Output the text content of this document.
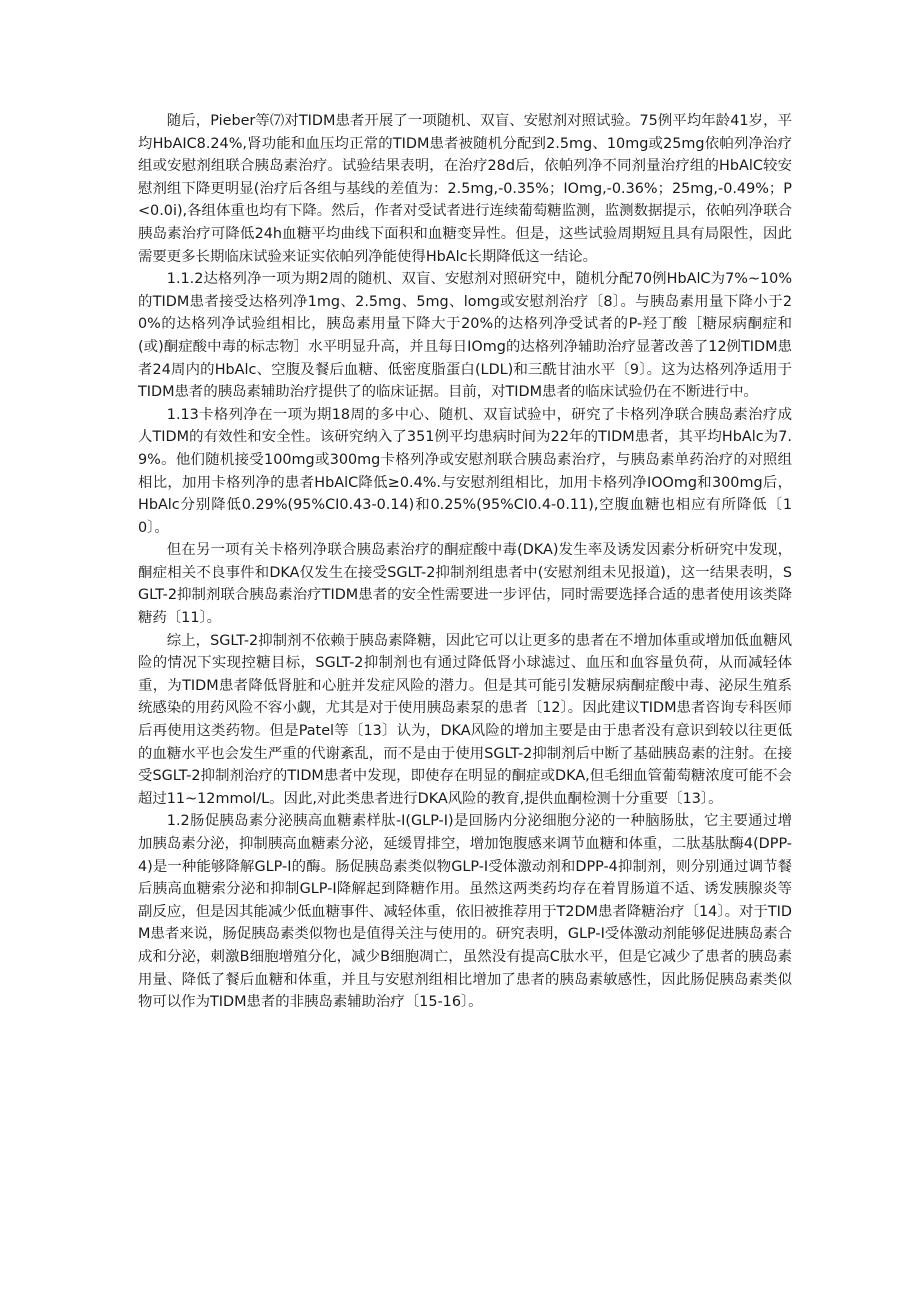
随后，Pieber等⑺对TIDM患者开展了一项随机、双盲、安慰剂对照试验。75例平均年龄41岁，平均HbAIC8.24%,肾功能和血压均正常的TIDM患者被随机分配到2.5mg、10mg或25mg依帕列净治疗组或安慰剂组联合胰岛素治疗。试验结果表明，在治疗28d后，依帕列净不同剂量治疗组的HbAlC较安慰剂组下降更明显(治疗后各组与基线的差值为：2.5mg,-0.35%；IOmg,-0.36%；25mg,-0.49%；P<0.0i),各组体重也均有下降。然后，作者对受试者进行连续葡萄糖监测，监测数据提示，依帕列净联合胰岛素治疗可降低24h血糖平均曲线下面积和血糖变异性。但是，这些试验周期短且具有局限性，因此需要更多长期临床试验来证实依帕列净能使得HbAlc长期降低这一结论。

1.1.2达格列净一项为期2周的随机、双盲、安慰剂对照研究中，随机分配70例HbAlC为7%~10%的TIDM患者接受达格列净1mg、2.5mg、5mg、lomg或安慰剂治疗〔8〕。与胰岛素用量下降小于20%的达格列净试验组相比，胰岛素用量下降大于20%的达格列净受试者的P-羟丁酸［糖尿病酮症和(或)酮症酸中毒的标志物］水平明显升高，并且每日IOmg的达格列净辅助治疗显著改善了12例TIDM患者24周内的HbAlc、空腹及餐后血糖、低密度脂蛋白(LDL)和三酰甘油水平〔9〕。这为达格列净适用于TIDM患者的胰岛素辅助治疗提供了的临床证据。目前，对TIDM患者的临床试验仍在不断进行中。

1.13卡格列净在一项为期18周的多中心、随机、双盲试验中，研究了卡格列净联合胰岛素治疗成人TIDM的有效性和安全性。该研究纳入了351例平均患病时间为22年的TIDM患者，其平均HbAlc为7.9%。他们随机接受100mg或300mg卡格列净或安慰剂联合胰岛素治疗，与胰岛素单药治疗的对照组相比，加用卡格列净的患者HbAlC降低≥0.4%.与安慰剂组相比，加用卡格列净IOOmg和300mg后，HbAlc分别降低0.29%(95%CI0.43-0.14)和0.25%(95%CI0.4-0.11),空腹血糖也相应有所降低〔10〕。

但在另一项有关卡格列净联合胰岛素治疗的酮症酸中毒(DKA)发生率及诱发因素分析研究中发现，酮症相关不良事件和DKA仅发生在接受SGLT-2抑制剂组患者中(安慰剂组未见报道)，这一结果表明，SGLT-2抑制剂联合胰岛素治疗TIDM患者的安全性需要进一步评估，同时需要选择合适的患者使用该类降糖药〔11〕。

综上，SGLT-2抑制剂不依赖于胰岛素降糖，因此它可以让更多的患者在不增加体重或增加低血糖风险的情况下实现控糖目标，SGLT-2抑制剂也有通过降低肾小球滤过、血压和血容量负荷，从而减轻体重，为TIDM患者降低肾脏和心脏并发症风险的潜力。但是其可能引发糖尿病酮症酸中毒、泌尿生殖系统感染的用药风险不容小觑，尤其是对于使用胰岛素泵的患者〔12〕。因此建议TIDM患者咨询专科医师后再使用这类药物。但是Patel等〔13〕认为，DKA风险的增加主要是由于患者没有意识到较以往更低的血糖水平也会发生严重的代谢紊乱，而不是由于使用SGLT-2抑制剂后中断了基础胰岛素的注射。在接受SGLT-2抑制剂治疗的TIDM患者中发现，即使存在明显的酮症或DKA,但毛细血管葡萄糖浓度可能不会超过11~12mmol/L。因此,对此类患者进行DKA风险的教育,提供血酮检测十分重要〔13〕。

1.2肠促胰岛素分泌胰高血糖素样肽-I(GLP-I)是回肠内分泌细胞分泌的一种脑肠肽，它主要通过增加胰岛素分泌，抑制胰高血糖素分泌，延缓胃排空，增加饱腹感来调节血糖和体重，二肽基肽酶4(DPP-4)是一种能够降解GLP-I的酶。肠促胰岛素类似物GLP-I受体激动剂和DPP-4抑制剂，则分别通过调节餐后胰高血糖索分泌和抑制GLP-I降解起到降糖作用。虽然这两类药均存在着胃肠道不适、诱发胰腺炎等副反应，但是因其能减少低血糖事件、减轻体重，依旧被推荐用于T2DM患者降糖治疗〔14〕。对于TIDM患者来说，肠促胰岛素类似物也是值得关注与使用的。研究表明，GLP-I受体激动剂能够促进胰岛素合成和分泌，刺激B细胞增殖分化，减少B细胞凋亡，虽然没有提高C肽水平，但是它减少了患者的胰岛素用量、降低了餐后血糖和体重，并且与安慰剂组相比增加了患者的胰岛素敏感性，因此肠促胰岛素类似物可以作为TIDM患者的非胰岛素辅助治疗〔15-16〕。
